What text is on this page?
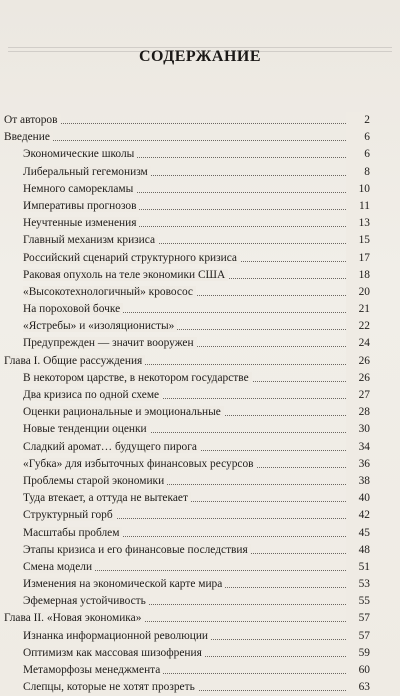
СОДЕРЖАНИЕ
От авторов	2
Введение	6
Экономические школы	6
Либеральный гегемонизм	8
Немного саморекламы	10
Императивы прогнозов	11
Неучтенные изменения	13
Главный механизм кризиса	15
Российский сценарий структурного кризиса	17
Раковая опухоль на теле экономики США	18
«Высокотехнологичный» кровосос	20
На пороховой бочке	21
«Ястребы» и «изоляционисты»	22
Предупрежден — значит вооружен	24
Глава I. Общие рассуждения	26
В некотором царстве, в некотором государстве	26
Два кризиса по одной схеме	27
Оценки рациональные и эмоциональные	28
Новые тенденции оценки	30
Сладкий аромат… будущего пирога	34
«Губка» для избыточных финансовых ресурсов	36
Проблемы старой экономики	38
Туда втекает, а оттуда не вытекает	40
Структурный горб	42
Масштабы проблем	45
Этапы кризиса и его финансовые последствия	48
Смена модели	51
Изменения на экономической карте мира	53
Эфемерная устойчивость	55
Глава II. «Новая экономика»	57
Изнанка информационной революции	57
Оптимизм как массовая шизофрения	59
Метаморфозы менеджмента	60
Слепцы, которые не хотят прозреть	63
